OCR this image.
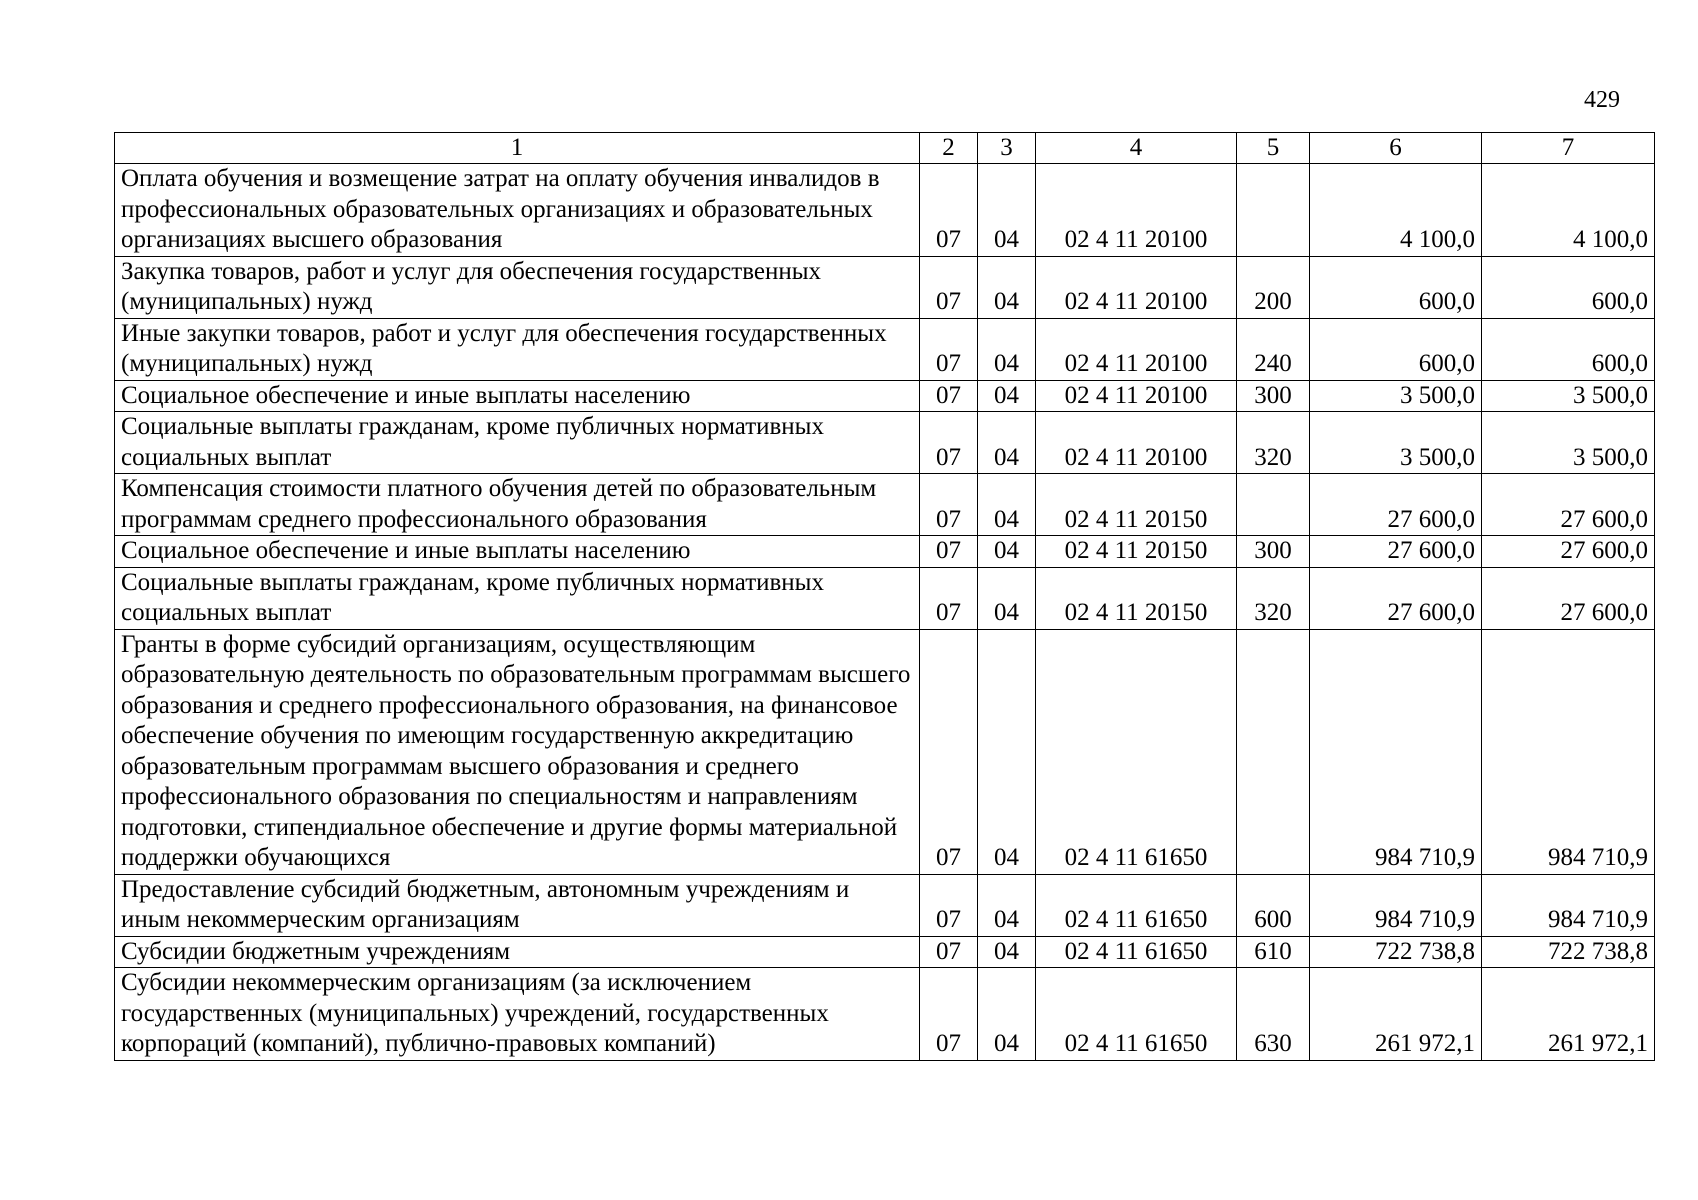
429
1	2	3	4	5	6	7
Оплата обучения и возмещение затрат на оплату обучения инвалидов в профессиональных образовательных организациях и образовательных организациях высшего образования	07	04	02 4 11 20100		4 100,0	4 100,0
Закупка товаров, работ и услуг для обеспечения государственных (муниципальных) нужд	07	04	02 4 11 20100	200	600,0	600,0
Иные закупки товаров, работ и услуг для обеспечения государственных (муниципальных) нужд	07	04	02 4 11 20100	240	600,0	600,0
Социальное обеспечение и иные выплаты населению	07	04	02 4 11 20100	300	3 500,0	3 500,0
Социальные выплаты гражданам, кроме публичных нормативных социальных выплат	07	04	02 4 11 20100	320	3 500,0	3 500,0
Компенсация стоимости платного обучения детей по образовательным программам среднего профессионального образования	07	04	02 4 11 20150		27 600,0	27 600,0
Социальное обеспечение и иные выплаты населению	07	04	02 4 11 20150	300	27 600,0	27 600,0
Социальные выплаты гражданам, кроме публичных нормативных социальных выплат	07	04	02 4 11 20150	320	27 600,0	27 600,0
Гранты в форме субсидий организациям, осуществляющим образовательную деятельность по образовательным программам высшего образования и среднего профессионального образования, на финансовое обеспечение обучения по имеющим государственную аккредитацию образовательным программам высшего образования и среднего профессионального образования по специальностям и направлениям подготовки, стипендиальное обеспечение и другие формы материальной поддержки обучающихся	07	04	02 4 11 61650		984 710,9	984 710,9
Предоставление субсидий бюджетным, автономным учреждениям и иным некоммерческим организациям	07	04	02 4 11 61650	600	984 710,9	984 710,9
Субсидии бюджетным учреждениям	07	04	02 4 11 61650	610	722 738,8	722 738,8
Субсидии некоммерческим организациям (за исключением государственных (муниципальных) учреждений, государственных корпораций (компаний), публично-правовых компаний)	07	04	02 4 11 61650	630	261 972,1	261 972,1
